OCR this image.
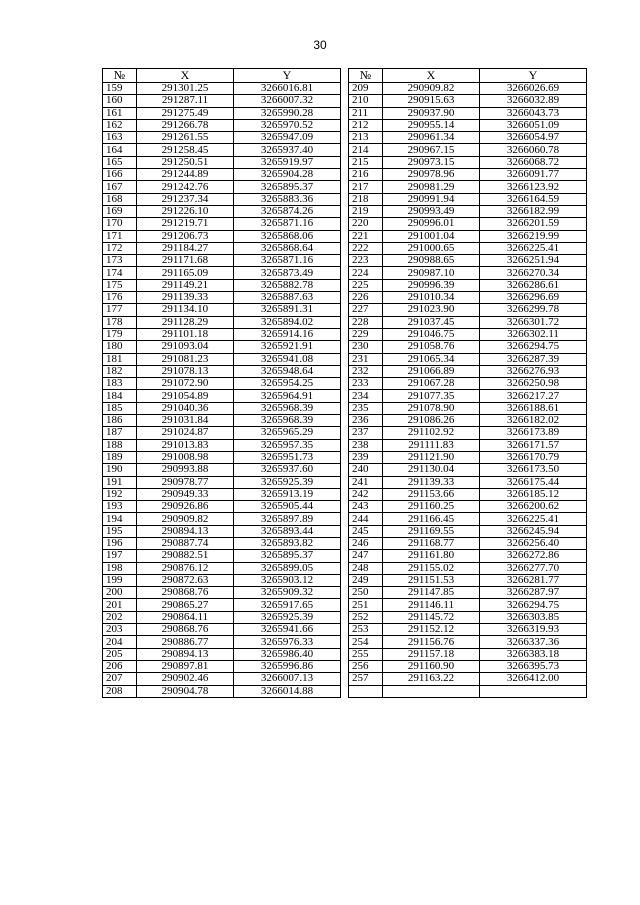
30
№	X	Y		№	X	Y
159	291301.25	3266016.81		209	290909.82	3266026.69
160	291287.11	3266007.32		210	290915.63	3266032.89
161	291275.49	3265990.28		211	290937.90	3266043.73
162	291266.78	3265970.52		212	290955.14	3266051.09
163	291261.55	3265947.09		213	290961.34	3266054.97
164	291258.45	3265937.40		214	290967.15	3266060.78
165	291250.51	3265919.97		215	290973.15	3266068.72
166	291244.89	3265904.28		216	290978.96	3266091.77
167	291242.76	3265895.37		217	290981.29	3266123.92
168	291237.34	3265883.36		218	290991.94	3266164.59
169	291226.10	3265874.26		219	290993.49	3266182.99
170	291219.71	3265871.16		220	290996.01	3266201.59
171	291206.73	3265868.06		221	291001.04	3266219.99
172	291184.27	3265868.64		222	291000.65	3266225.41
173	291171.68	3265871.16		223	290988.65	3266251.94
174	291165.09	3265873.49		224	290987.10	3266270.34
175	291149.21	3265882.78		225	290996.39	3266286.61
176	291139.33	3265887.63		226	291010.34	3266296.69
177	291134.10	3265891.31		227	291023.90	3266299.78
178	291128.29	3265894.02		228	291037.45	3266301.72
179	291101.18	3265914.16		229	291046.75	3266302.11
180	291093.04	3265921.91		230	291058.76	3266294.75
181	291081.23	3265941.08		231	291065.34	3266287.39
182	291078.13	3265948.64		232	291066.89	3266276.93
183	291072.90	3265954.25		233	291067.28	3266250.98
184	291054.89	3265964.91		234	291077.35	3266217.27
185	291040.36	3265968.39		235	291078.90	3266188.61
186	291031.84	3265968.39		236	291086.26	3266182.02
187	291024.87	3265965.29		237	291102.92	3266173.89
188	291013.83	3265957.35		238	291111.83	3266171.57
189	291008.98	3265951.73		239	291121.90	3266170.79
190	290993.88	3265937.60		240	291130.04	3266173.50
191	290978.77	3265925.39		241	291139.33	3266175.44
192	290949.33	3265913.19		242	291153.66	3266185.12
193	290926.86	3265905.44		243	291160.25	3266200.62
194	290909.82	3265897.89		244	291166.45	3266225.41
195	290894.13	3265893.44		245	291169.55	3266245.94
196	290887.74	3265893.82		246	291168.77	3266256.40
197	290882.51	3265895.37		247	291161.80	3266272.86
198	290876.12	3265899.05		248	291155.02	3266277.70
199	290872.63	3265903.12		249	291151.53	3266281.77
200	290868.76	3265909.32		250	291147.85	3266287.97
201	290865.27	3265917.65		251	291146.11	3266294.75
202	290864.11	3265925.39		252	291145.72	3266303.85
203	290868.76	3265941.66		253	291152.12	3266319.93
204	290886.77	3265976.33		254	291156.76	3266337.36
205	290894.13	3265986.40		255	291157.18	3266383.18
206	290897.81	3265996.86		256	291160.90	3266395.73
207	290902.46	3266007.13		257	291163.22	3266412.00
208	290904.78	3266014.88				
